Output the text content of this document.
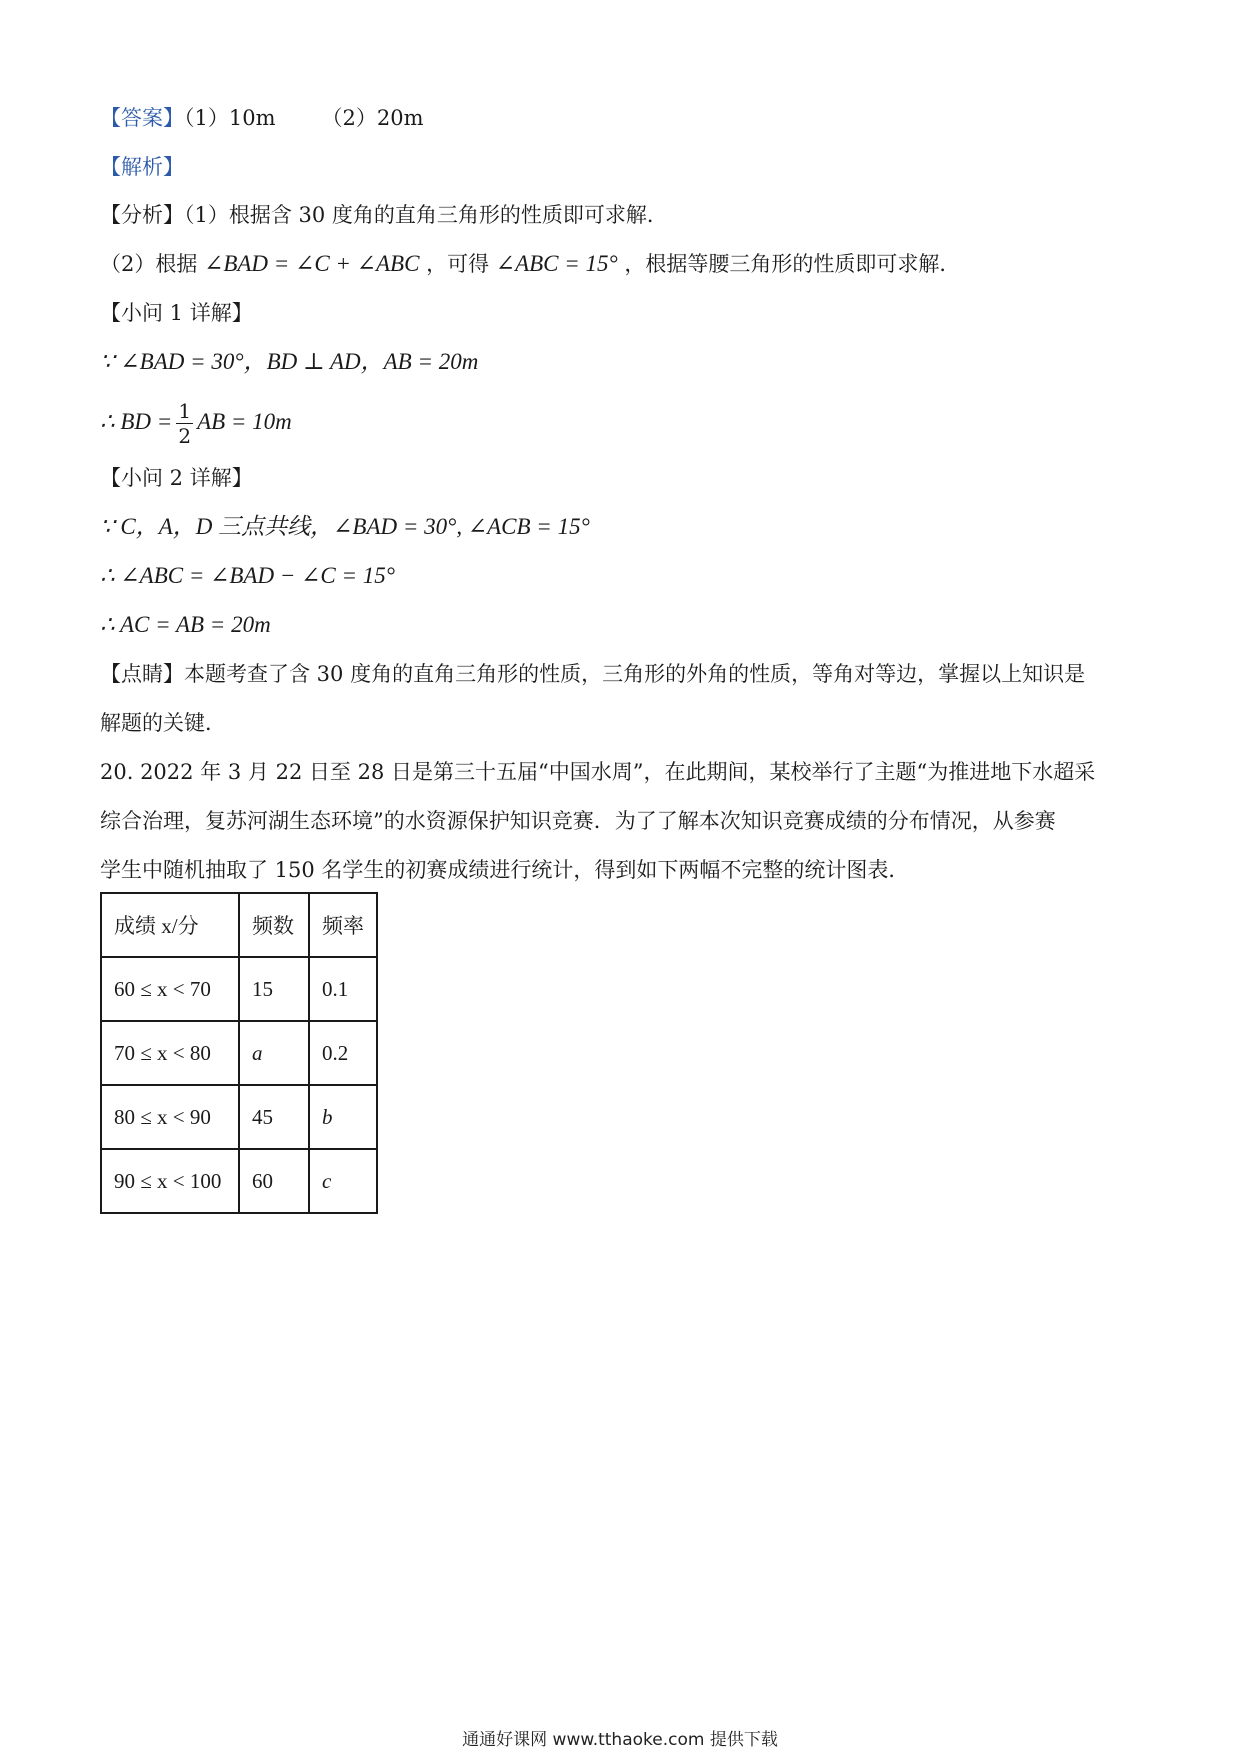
【答案】（1）10m （2）20m
【解析】
【分析】（1）根据含 30 度角的直角三角形的性质即可求解．
（2）根据 ∠BAD = ∠C + ∠ABC ，可得 ∠ABC = 15° ，根据等腰三角形的性质即可求解．
【小问 1 详解】
∵ ∠BAD = 30°，BD ⊥ AD，AB = 20m
∴ BD = $\frac{1}{2}$ AB = 10m
【小问 2 详解】
∵ C，A，D 三点共线，∠BAD = 30°, ∠ACB = 15°
∴ ∠ABC = ∠BAD − ∠C = 15°
∴ AC = AB = 20m
【点睛】本题考查了含 30 度角的直角三角形的性质，三角形的外角的性质，等角对等边，掌握以上知识是
解题的关键．
20. 2022 年 3 月 22 日至 28 日是第三十五届“中国水周”，在此期间，某校举行了主题“为推进地下水超采
综合治理，复苏河湖生态环境”的水资源保护知识竞赛．为了了解本次知识竞赛成绩的分布情况，从参赛
学生中随机抽取了 150 名学生的初赛成绩进行统计，得到如下两幅不完整的统计图表．
成绩 x/分	频数	频率
60 ≤ x < 70	15	0.1
70 ≤ x < 80	a	0.2
80 ≤ x < 90	45	b
90 ≤ x < 100	60	c
通通好课网 www.tthaoke.com 提供下载
